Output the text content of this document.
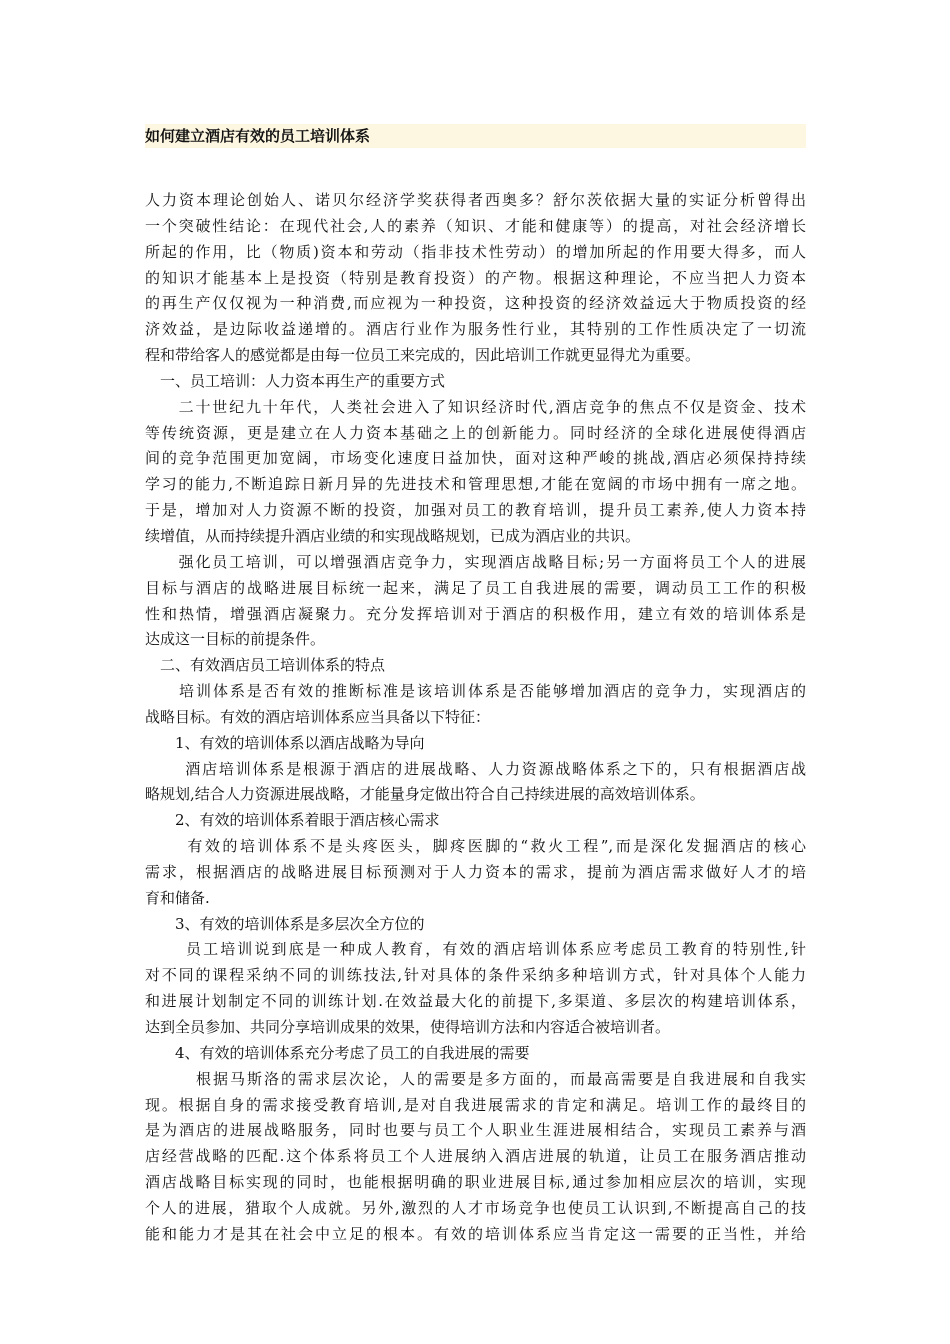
如何建立酒店有效的员工培训体系
人力资本理论创始人、诺贝尔经济学奖获得者西奥多？舒尔茨依据大量的实证分析曾得出
一个突破性结论：在现代社会,人的素养（知识、才能和健康等）的提高，对社会经济增长
所起的作用，比（物质)资本和劳动（指非技术性劳动）的增加所起的作用要大得多，而人
的知识才能基本上是投资（特别是教育投资）的产物。根据这种理论，不应当把人力资本
的再生产仅仅视为一种消费,而应视为一种投资，这种投资的经济效益远大于物质投资的经
济效益，是边际收益递增的。酒店行业作为服务性行业，其特别的工作性质决定了一切流
程和带给客人的感觉都是由每一位员工来完成的，因此培训工作就更显得尤为重要。
　一、员工培训：人力资本再生产的重要方式
　　二十世纪九十年代，人类社会进入了知识经济时代,酒店竞争的焦点不仅是资金、技术
等传统资源，更是建立在人力资本基础之上的创新能力。同时经济的全球化进展使得酒店
间的竞争范围更加宽阔，市场变化速度日益加快，面对这种严峻的挑战,酒店必须保持持续
学习的能力,不断追踪日新月异的先进技术和管理思想,才能在宽阔的市场中拥有一席之地。
于是，增加对人力资源不断的投资，加强对员工的教育培训，提升员工素养,使人力资本持
续增值，从而持续提升酒店业绩的和实现战略规划，已成为酒店业的共识。
　　强化员工培训，可以增强酒店竞争力，实现酒店战略目标;另一方面将员工个人的进展
目标与酒店的战略进展目标统一起来，满足了员工自我进展的需要，调动员工工作的积极
性和热情，增强酒店凝聚力。充分发挥培训对于酒店的积极作用，建立有效的培训体系是
达成这一目标的前提条件。
　二、有效酒店员工培训体系的特点
　　培训体系是否有效的推断标准是该培训体系是否能够增加酒店的竞争力，实现酒店的
战略目标。有效的酒店培训体系应当具备以下特征：
　　1、有效的培训体系以酒店战略为导向
　　 酒店培训体系是根源于酒店的进展战略、人力资源战略体系之下的，只有根据酒店战
略规划,结合人力资源进展战略，才能量身定做出符合自己持续进展的高效培训体系。
　　2、有效的培训体系着眼于酒店核心需求
　　 有效的培训体系不是头疼医头，脚疼医脚的“救火工程”,而是深化发掘酒店的核心
需求，根据酒店的战略进展目标预测对于人力资本的需求，提前为酒店需求做好人才的培
育和储备.
　　3、有效的培训体系是多层次全方位的
　　 员工培训说到底是一种成人教育，有效的酒店培训体系应考虑员工教育的特别性,针
对不同的课程采纳不同的训练技法,针对具体的条件采纳多种培训方式，针对具体个人能力
和进展计划制定不同的训练计划.在效益最大化的前提下,多渠道、多层次的构建培训体系，
达到全员参加、共同分享培训成果的效果，使得培训方法和内容适合被培训者。
　　4、有效的培训体系充分考虑了员工的自我进展的需要
　　　根据马斯洛的需求层次论，人的需要是多方面的，而最高需要是自我进展和自我实
现。根据自身的需求接受教育培训,是对自我进展需求的肯定和满足。培训工作的最终目的
是为酒店的进展战略服务，同时也要与员工个人职业生涯进展相结合，实现员工素养与酒
店经营战略的匹配.这个体系将员工个人进展纳入酒店进展的轨道，让员工在服务酒店推动
酒店战略目标实现的同时，也能根据明确的职业进展目标,通过参加相应层次的培训，实现
个人的进展，猎取个人成就。另外,激烈的人才市场竞争也使员工认识到,不断提高自己的技
能和能力才是其在社会中立足的根本。有效的培训体系应当肯定这一需要的正当性，并给
